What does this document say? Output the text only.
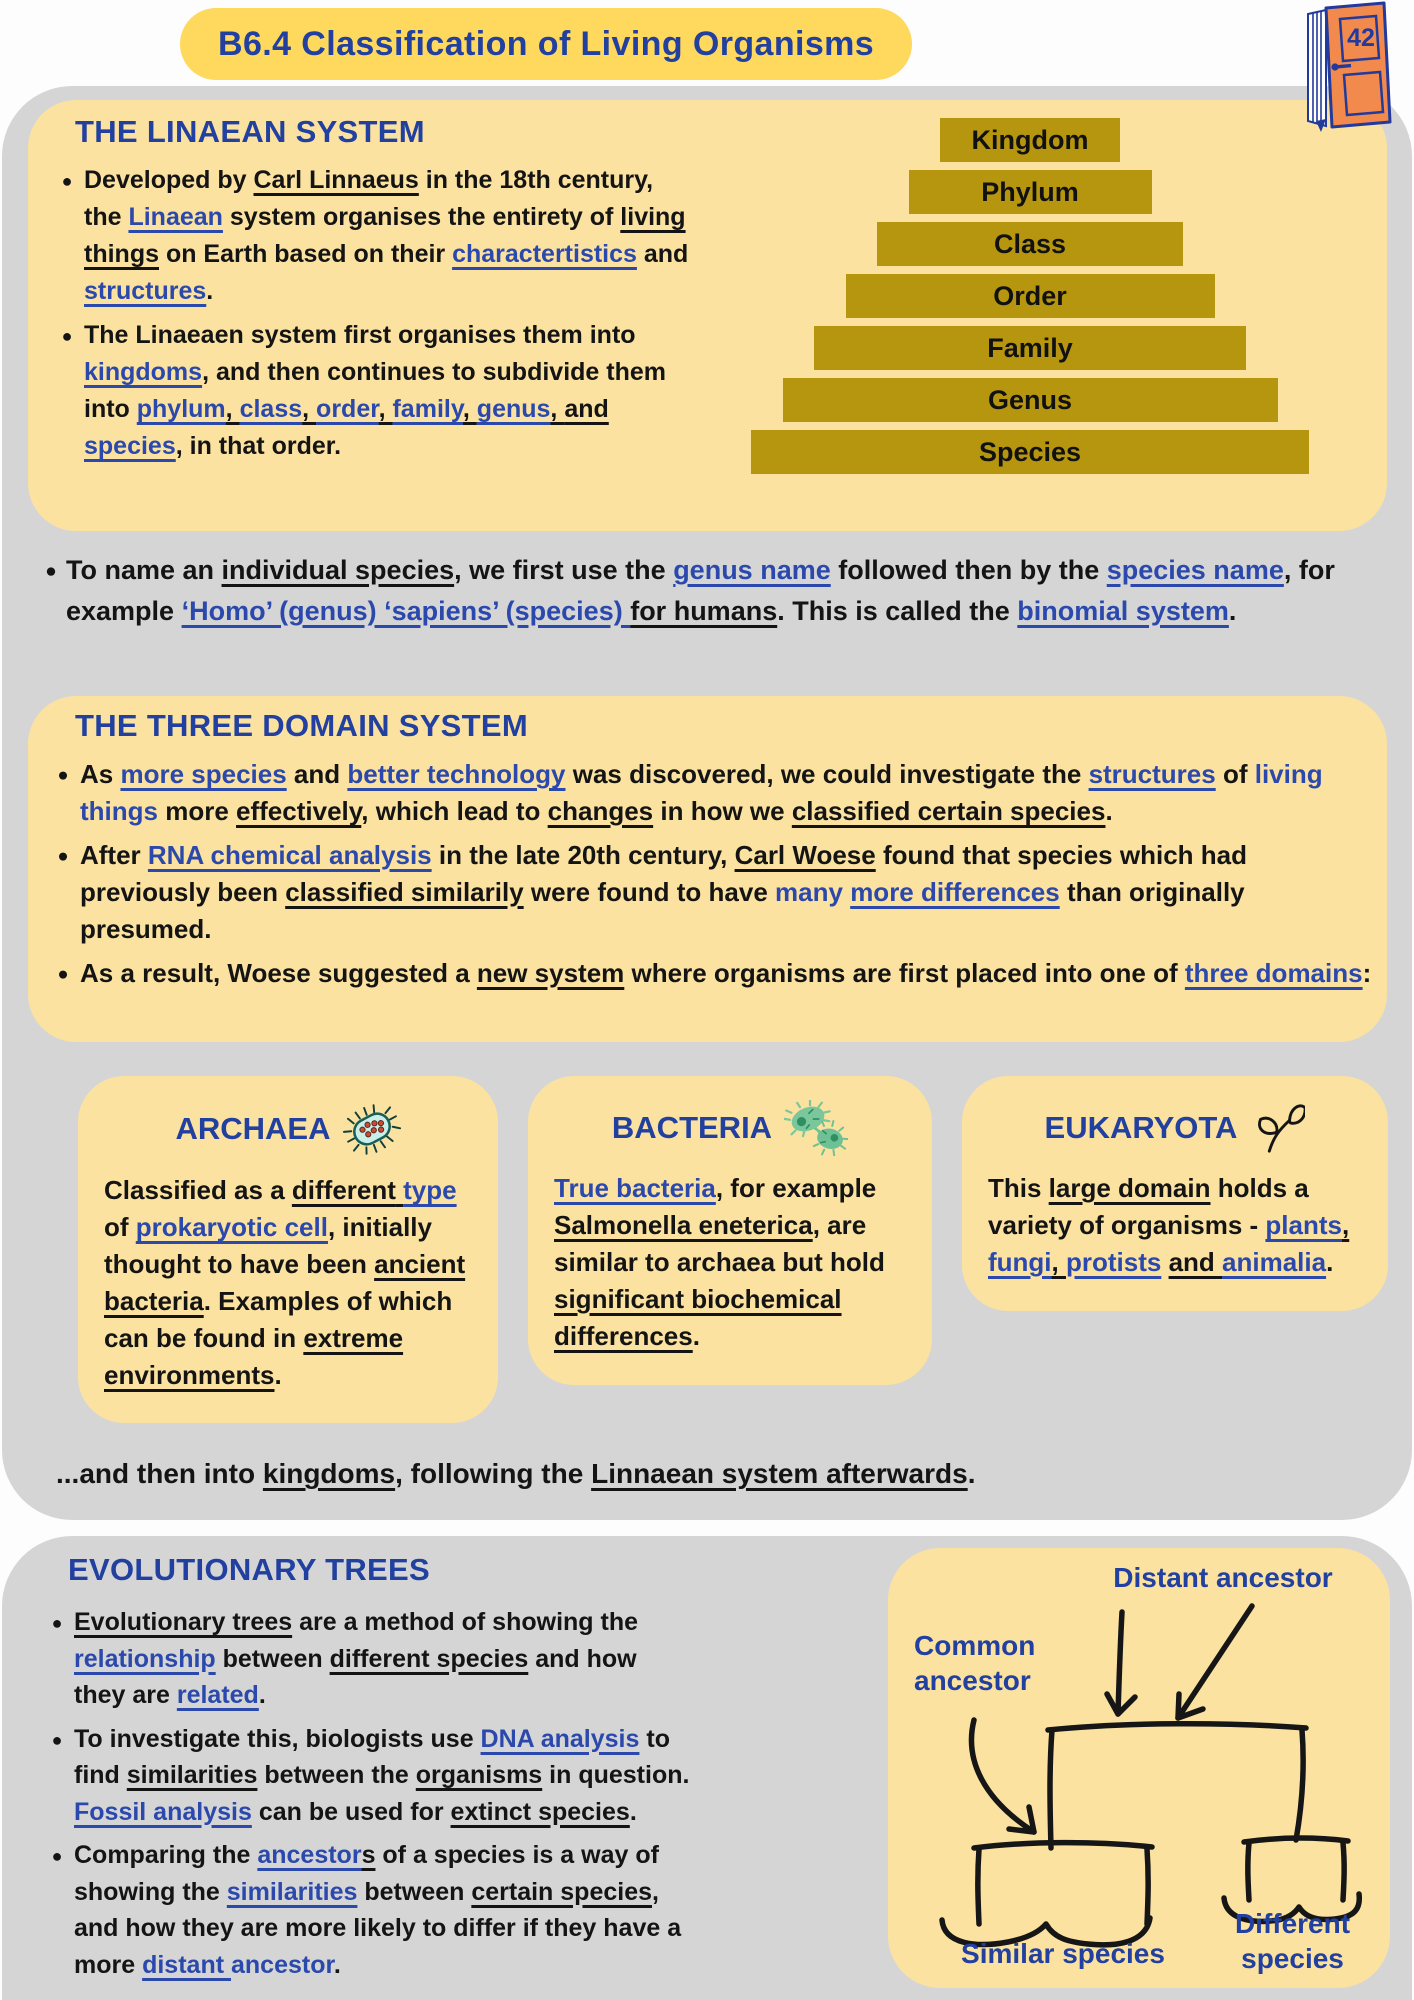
B6.4 Classification of Living Organisms	42
THE LINAEAN SYSTEM
● Developed by Carl Linnaeus in the 18th century, the Linaean system organises the entirety of living things on Earth based on their charactertistics and structures.
● The Linaeaen system first organises them into kingdoms, and then continues to subdivide them into phylum, class, order, family, genus, and species, in that order.
Kingdom
Phylum
Class
Order
Family
Genus
Species
● To name an individual species, we first use the genus name followed then by the species name, for example ‘Homo’ (genus) ‘sapiens’ (species) for humans. This is called the binomial system.
THE THREE DOMAIN SYSTEM
● As more species and better technology was discovered, we could investigate the structures of living things more effectively, which lead to changes in how we classified certain species.
● After RNA chemical analysis in the late 20th century, Carl Woese found that species which had previously been classified similarily were found to have many more differences than originally presumed.
● As a result, Woese suggested a new system where organisms are first placed into one of three domains:
ARCHAEA
Classified as a different type of prokaryotic cell, initially thought to have been ancient bacteria. Examples of which can be found in extreme environments.
BACTERIA
True bacteria, for example Salmonella eneterica, are similar to archaea but hold significant biochemical differences.
EUKARYOTA
This large domain holds a variety of organisms - plants, fungi, protists and animalia.
...and then into kingdoms, following the Linnaean system afterwards.
EVOLUTIONARY TREES
● Evolutionary trees are a method of showing the relationship between different species and how they are related.
● To investigate this, biologists use DNA analysis to find similarities between the organisms in question. Fossil analysis can be used for extinct species.
● Comparing the ancestors of a species is a way of showing the similarities between certain species, and how they are more likely to differ if they have a more distant ancestor.
Distant ancestor
Common ancestor
Similar species
Different species
